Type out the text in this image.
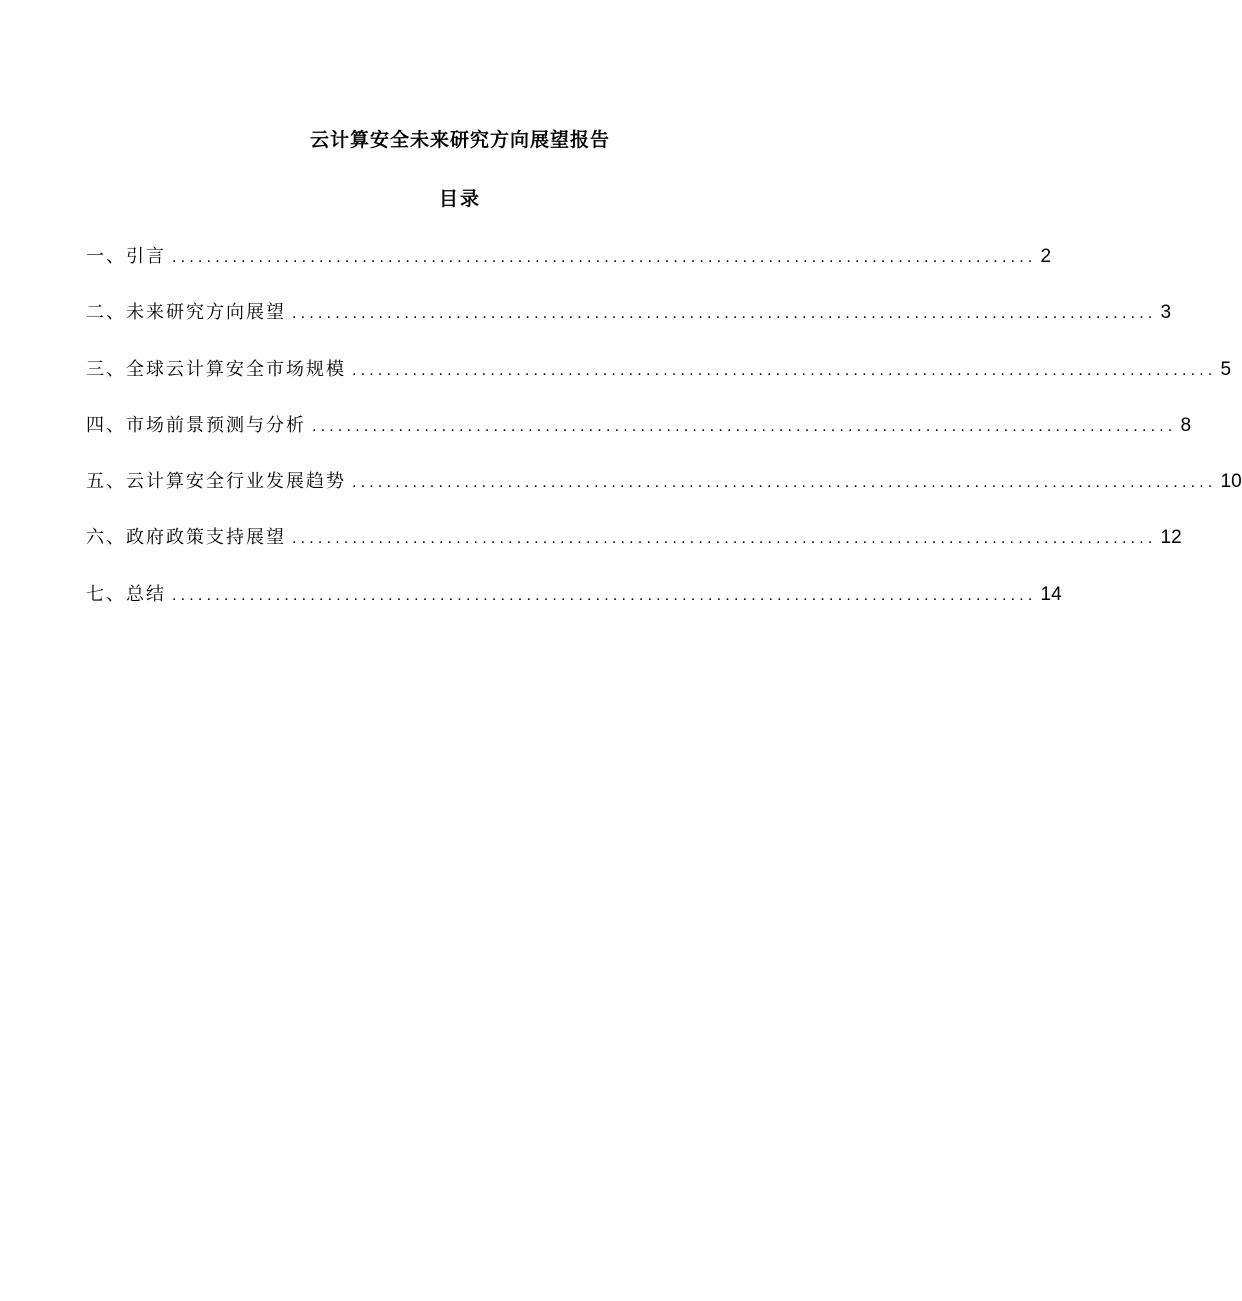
云计算安全未来研究方向展望报告
目录
一、 引言 .................................................................................................... 2
二、 未来研究方向展望 .................................................................................................... 3
三、 全球云计算安全市场规模 .................................................................................................... 5
四、 市场前景预测与分析 .................................................................................................... 8
五、 云计算安全行业发展趋势 .................................................................................................... 10
六、 政府政策支持展望 .................................................................................................... 12
七、 总结 .................................................................................................... 14
